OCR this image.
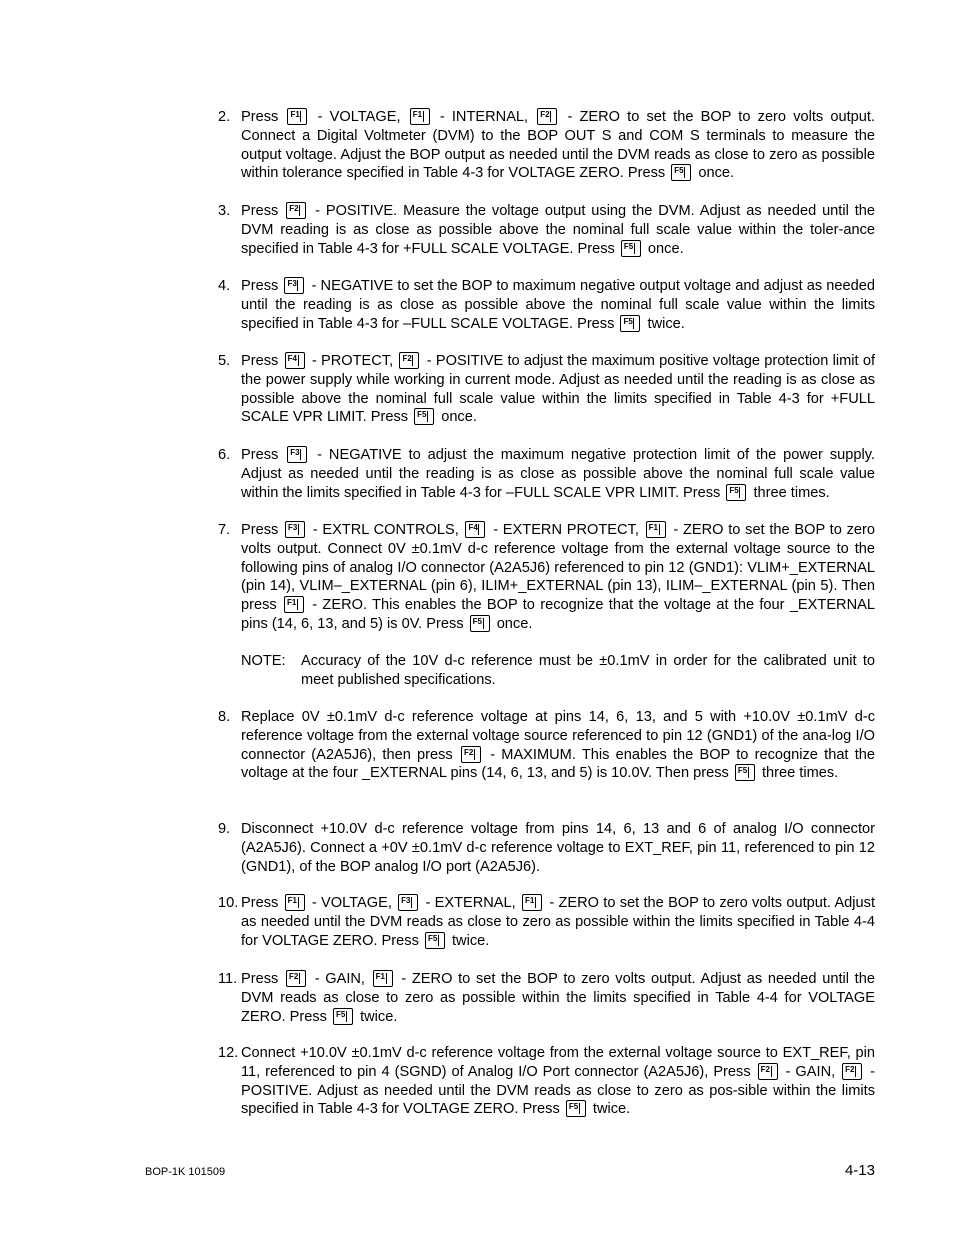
2. Press F1 - VOLTAGE, F1 - INTERNAL, F2 - ZERO to set the BOP to zero volts output. Connect a Digital Voltmeter (DVM) to the BOP OUT S and COM S terminals to measure the output voltage. Adjust the BOP output as needed until the DVM reads as close to zero as possible within tolerance specified in Table 4-3 for VOLTAGE ZERO. Press F5 once.
3. Press F2 - POSITIVE. Measure the voltage output using the DVM. Adjust as needed until the DVM reading is as close as possible above the nominal full scale value within the toler-ance specified in Table 4-3 for +FULL SCALE VOLTAGE. Press F5 once.
4. Press F3 - NEGATIVE to set the BOP to maximum negative output voltage and adjust as needed until the reading is as close as possible above the nominal full scale value within the limits specified in Table 4-3 for –FULL SCALE VOLTAGE. Press F5 twice.
5. Press F4 - PROTECT, F2 - POSITIVE to adjust the maximum positive voltage protection limit of the power supply while working in current mode. Adjust as needed until the reading is as close as possible above the nominal full scale value within the limits specified in Table 4-3 for +FULL SCALE VPR LIMIT. Press F5 once.
6. Press F3 - NEGATIVE to adjust the maximum negative protection limit of the power supply. Adjust as needed until the reading is as close as possible above the nominal full scale value within the limits specified in Table 4-3 for –FULL SCALE VPR LIMIT. Press F5 three times.
7. Press F3 - EXTRL CONTROLS, F4 - EXTERN PROTECT, F1 - ZERO to set the BOP to zero volts output. Connect 0V ±0.1mV d-c reference voltage from the external voltage source to the following pins of analog I/O connector (A2A5J6) referenced to pin 12 (GND1): VLIM+_EXTERNAL (pin 14), VLIM–_EXTERNAL (pin 6), ILIM+_EXTERNAL (pin 13), ILIM–_EXTERNAL (pin 5). Then press F1 - ZERO. This enables the BOP to recognize that the voltage at the four _EXTERNAL pins (14, 6, 13, and 5) is 0V. Press F5 once.
NOTE: Accuracy of the 10V d-c reference must be ±0.1mV in order for the calibrated unit to meet published specifications.
8. Replace 0V ±0.1mV d-c reference voltage at pins 14, 6, 13, and 5 with +10.0V ±0.1mV d-c reference voltage from the external voltage source referenced to pin 12 (GND1) of the ana-log I/O connector (A2A5J6), then press F2 - MAXIMUM. This enables the BOP to recognize that the voltage at the four _EXTERNAL pins (14, 6, 13, and 5) is 10.0V. Then press F5 three times.
9. Disconnect +10.0V d-c reference voltage from pins 14, 6, 13 and 6 of analog I/O connector (A2A5J6). Connect a +0V ±0.1mV d-c reference voltage to EXT_REF, pin 11, referenced to pin 12 (GND1), of the BOP analog I/O port (A2A5J6).
10. Press F1 - VOLTAGE, F3 - EXTERNAL, F1 - ZERO to set the BOP to zero volts output. Adjust as needed until the DVM reads as close to zero as possible within the limits specified in Table 4-4 for VOLTAGE ZERO. Press F5 twice.
11. Press F2 - GAIN, F1 - ZERO to set the BOP to zero volts output. Adjust as needed until the DVM reads as close to zero as possible within the limits specified in Table 4-4 for VOLTAGE ZERO. Press F5 twice.
12. Connect +10.0V ±0.1mV d-c reference voltage from the external voltage source to EXT_REF, pin 11, referenced to pin 4 (SGND) of Analog I/O Port connector (A2A5J6), Press F2 - GAIN, F2 - POSITIVE. Adjust as needed until the DVM reads as close to zero as pos-sible within the limits specified in Table 4-3 for VOLTAGE ZERO. Press F5 twice.
BOP-1K 101509	4-13
